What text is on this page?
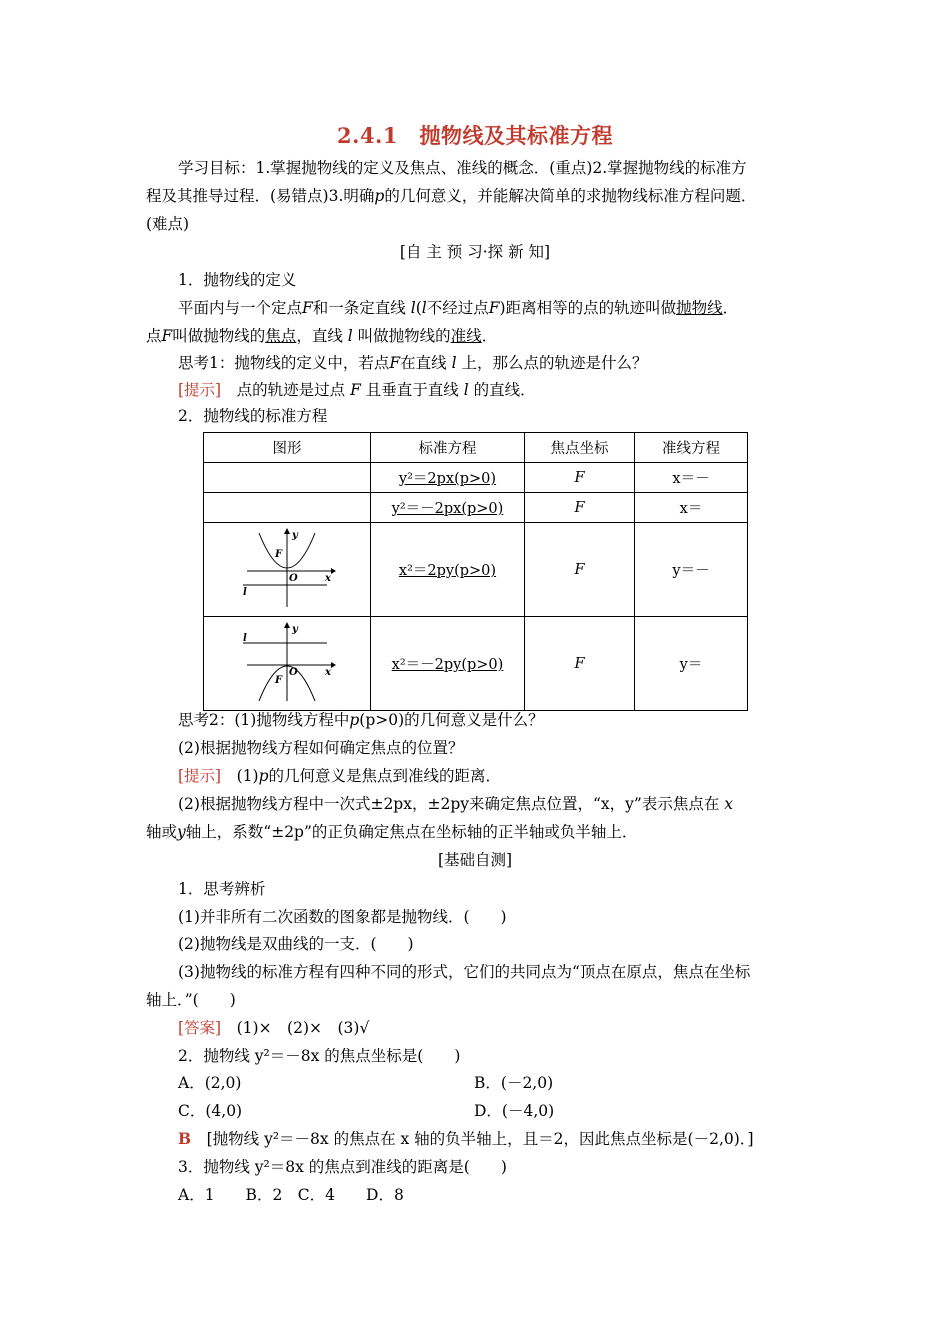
2.4.1　抛物线及其标准方程
学习目标：1.掌握抛物线的定义及焦点、准线的概念．(重点)2.掌握抛物线的标准方
程及其推导过程．(易错点)3.明确p的几何意义，并能解决简单的求抛物线标准方程问题．
(难点)
[自 主 预 习·探 新 知]
1．抛物线的定义
平面内与一个定点F和一条定直线 l(l不经过点F)距离相等的点的轨迹叫做抛物线．
点F叫做抛物线的焦点，直线 l 叫做抛物线的准线．
思考1：抛物线的定义中，若点F在直线 l 上，那么点的轨迹是什么？
[提示]　点的轨迹是过点 F 且垂直于直线 l 的直线．
2．抛物线的标准方程
图形	标准方程	焦点坐标	准线方程
	y²＝2px(p>0)	F	x＝－
	y²＝－2px(p>0)	F	x＝

y
x
F
O
l	x²＝2py(p>0)	F	y＝－

y
x
F
O
l	x²＝－2py(p>0)	F	y＝
思考2：(1)抛物线方程中p(p>0)的几何意义是什么？
(2)根据抛物线方程如何确定焦点的位置？
[提示]　(1)p的几何意义是焦点到准线的距离．
(2)根据抛物线方程中一次式±2px，±2py来确定焦点位置，“x，y”表示焦点在 x
轴或y轴上，系数“±2p”的正负确定焦点在坐标轴的正半轴或负半轴上．
[基础自测]
1．思考辨析
(1)并非所有二次函数的图象都是抛物线．(　　)
(2)抛物线是双曲线的一支．(　　)
(3)抛物线的标准方程有四种不同的形式，它们的共同点为“顶点在原点，焦点在坐标
轴上．”(　　)
[答案]　(1)×　(2)×　(3)√
2．抛物线 y²＝－8x 的焦点坐标是(　　)
A．(2,0)	B．(－2,0)
C．(4,0)	D．(－4,0)
B　[抛物线 y²＝－8x 的焦点在 x 轴的负半轴上，且＝2，因此焦点坐标是(－2,0)．]
3．抛物线 y²＝8x 的焦点到准线的距离是(　　)
A．1　　B．2　C．4　　D．8
